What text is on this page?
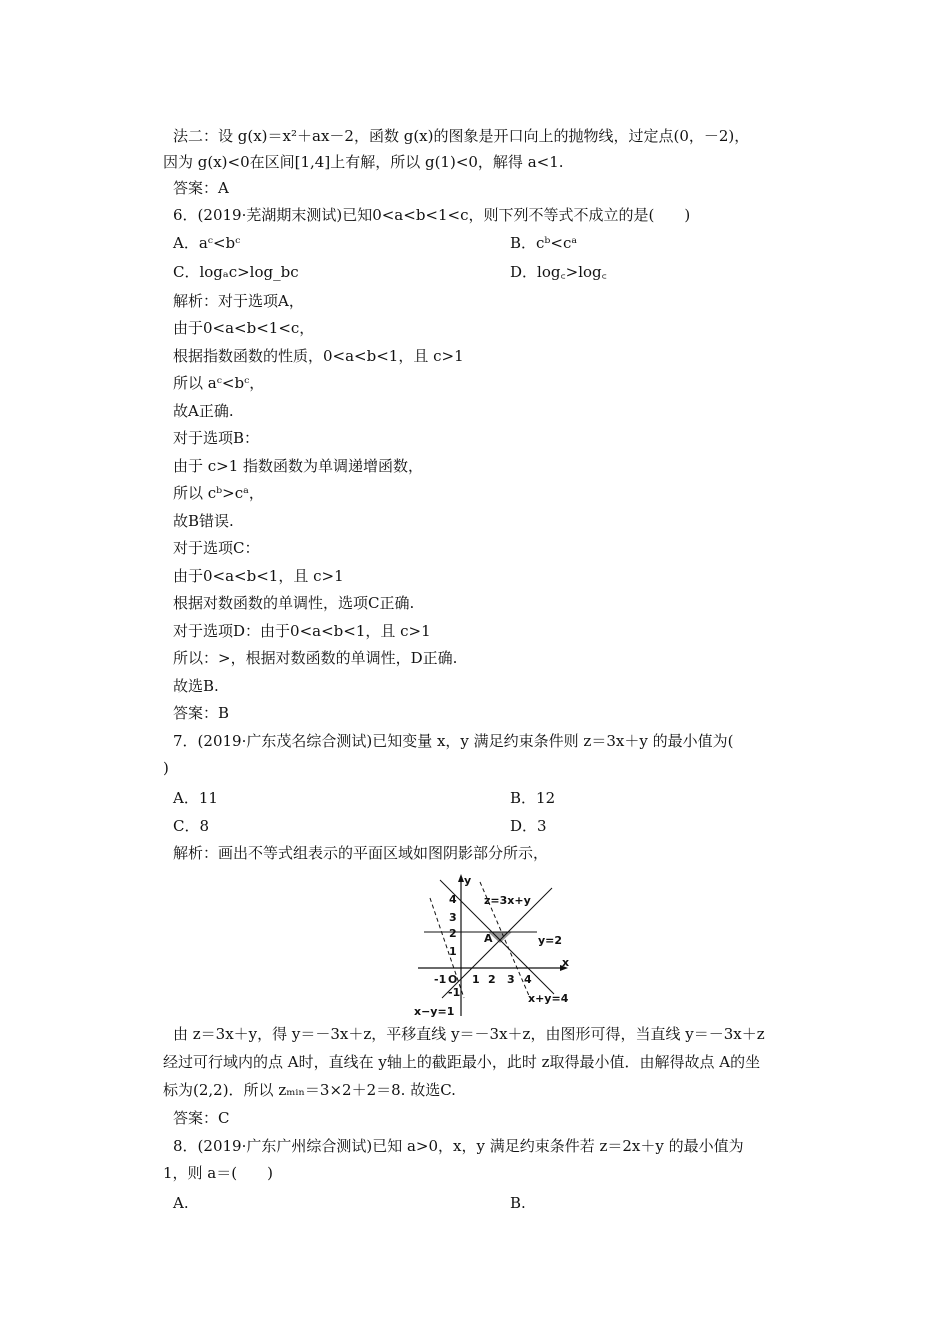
法二：设 g(x)＝x²＋ax－2，函数 g(x)的图象是开口向上的抛物线，过定点(0，－2)，
因为 g(x)<0在区间[1,4]上有解，所以 g(1)<0，解得 a<1.
答案：A
6．(2019·芜湖期末测试)已知0<a<b<1<c，则下列不等式不成立的是(　　)
A．aᶜ<bᶜ	B．cᵇ<cᵃ
C．logₐc>log_bc	D．log꜀>log꜀
解析：对于选项A，
由于0<a<b<1<c，
根据指数函数的性质，0<a<b<1，且 c>1
所以 aᶜ<bᶜ，
故A正确.
对于选项B：
由于 c>1 指数函数为单调递增函数，
所以 cᵇ>cᵃ，
故B错误.
对于选项C：
由于0<a<b<1，且 c>1
根据对数函数的单调性，选项C正确.
对于选项D：由于0<a<b<1，且 c>1
所以：>，根据对数函数的单调性，D正确.
故选B.
答案：B
7．(2019·广东茂名综合测试)已知变量 x，y 满足约束条件则 z＝3x＋y 的最小值为(
)
A．11	B．12
C．8	D．3
解析：画出不等式组表示的平面区域如图阴影部分所示，
y
x
O
-1 1 2 3 4
4
3
2
1
-1
A
z=3x+y
y=2
x+y=4
x−y=1
由 z＝3x＋y，得 y＝－3x＋z，平移直线 y＝－3x＋z，由图形可得，当直线 y＝－3x＋z
经过可行域内的点 A时，直线在 y轴上的截距最小，此时 z取得最小值．由解得故点 A的坐
标为(2,2)．所以 zₘᵢₙ＝3×2＋2＝8. 故选C.
答案：C
8．(2019·广东广州综合测试)已知 a>0，x，y 满足约束条件若 z＝2x＋y 的最小值为
1，则 a＝(　　)
A.	B.
